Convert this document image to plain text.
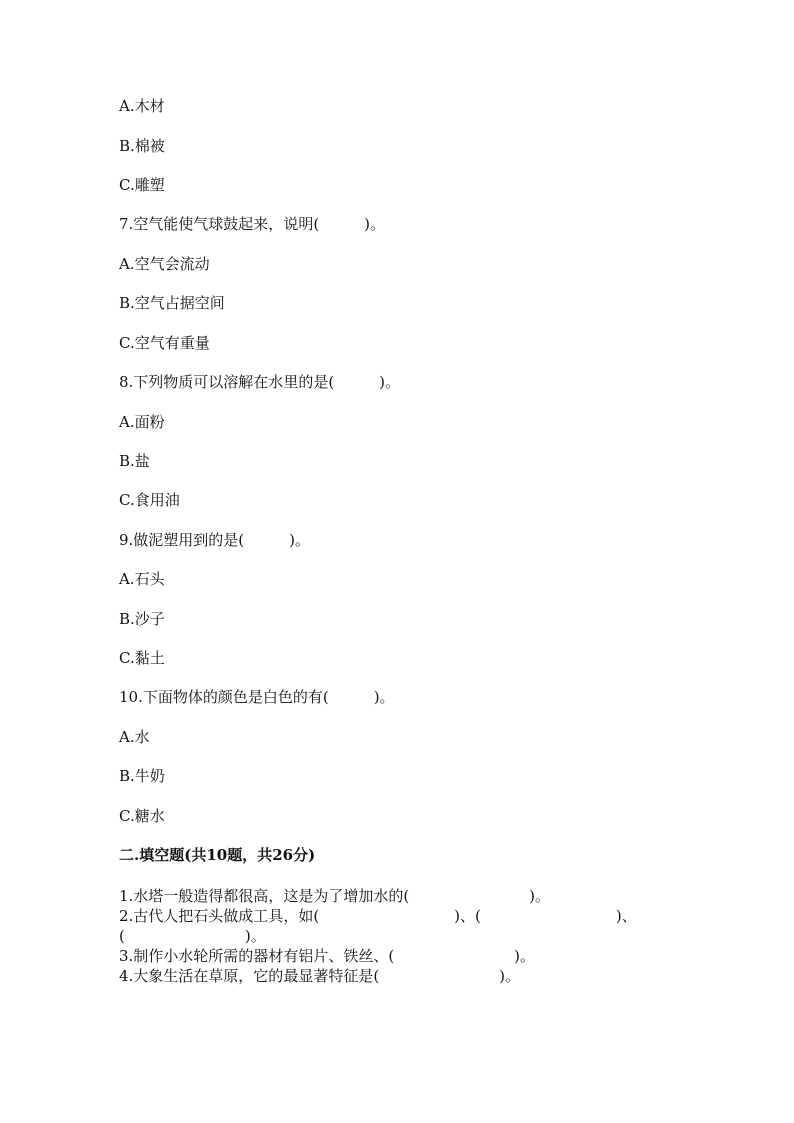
A.木材
B.棉被
C.雕塑
7.空气能使气球鼓起来，说明(　　　)。
A.空气会流动
B.空气占据空间
C.空气有重量
8.下列物质可以溶解在水里的是(　　　)。
A.面粉
B.盐
C.食用油
9.做泥塑用到的是(　　　)。
A.石头
B.沙子
C.黏土
10.下面物体的颜色是白色的有(　　　)。
A.水
B.牛奶
C.糖水
二.填空题(共10题，共26分)
1.水塔一般造得都很高，这是为了增加水的(　　　　　　　　)。
2.古代人把石头做成工具，如(　　　　　　　　　)、(　　　　　　　　　)、
(　　　　　　　　)。
3.制作小水轮所需的器材有铝片、铁丝、(　　　　　　　　)。
4.大象生活在草原，它的最显著特征是(　　　　　　　　)。
